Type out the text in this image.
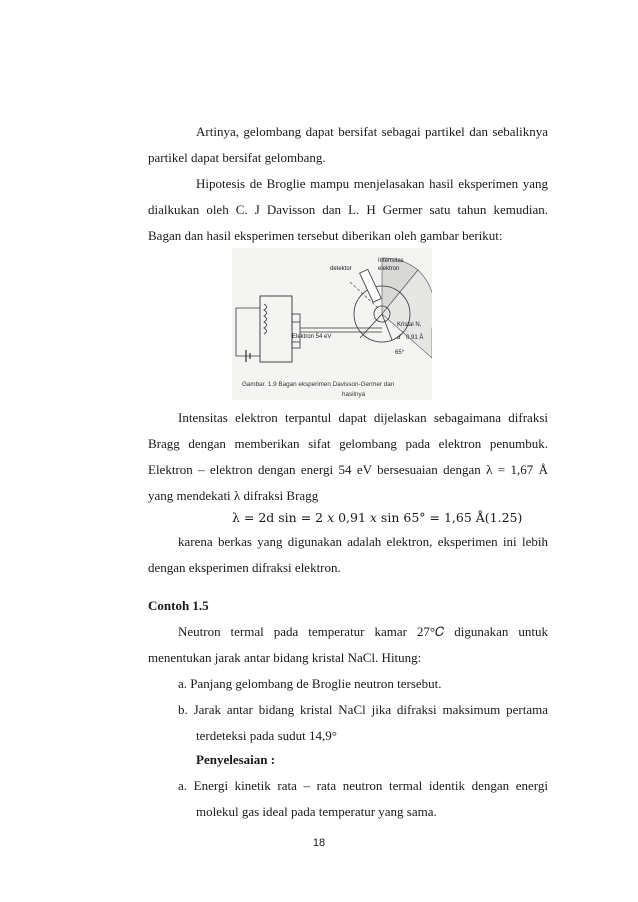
Artinya, gelombang dapat bersifat sebagai partikel dan sebaliknya
partikel dapat bersifat gelombang.
Hipotesis de Broglie mampu menjelasakan hasil eksperimen yang
dialkukan oleh C. J Davisson dan L. H Germer satu tahun kemudian.
Bagan dan hasil eksperimen tersebut diberikan oleh gambar berikut:
detektor
Intensitas
elektron
Elektron 54 eV
Kristal N,
d 0.91 Å
65°
Gambar. 1.9 Bagan eksperimen Davisson-Germer dan
hasilnya
Intensitas elektron terpantul dapat dijelaskan sebagaimana difraksi
Bragg dengan memberikan sifat gelombang pada elektron penumbuk.
Elektron – elektron dengan energi 54 eV bersesuaian dengan λ = 1,67 Å
yang mendekati λ difraksi Bragg
λ = 2d sin = 2 𝑥 0,91 𝑥 sin 65° = 1,65 Å(1.25)
karena berkas yang digunakan adalah elektron, eksperimen ini lebih
dengan eksperimen difraksi elektron.
Contoh 1.5
Neutron termal pada temperatur kamar 27°𝐶 digunakan untuk
menentukan jarak antar bidang kristal NaCl. Hitung:
a. Panjang gelombang de Broglie neutron tersebut.
b. Jarak antar bidang kristal NaCl jika difraksi maksimum pertama
terdeteksi pada sudut 14,9°
Penyelesaian :
a. Energi kinetik rata – rata neutron termal identik dengan energi
molekul gas ideal pada temperatur yang sama.
18
